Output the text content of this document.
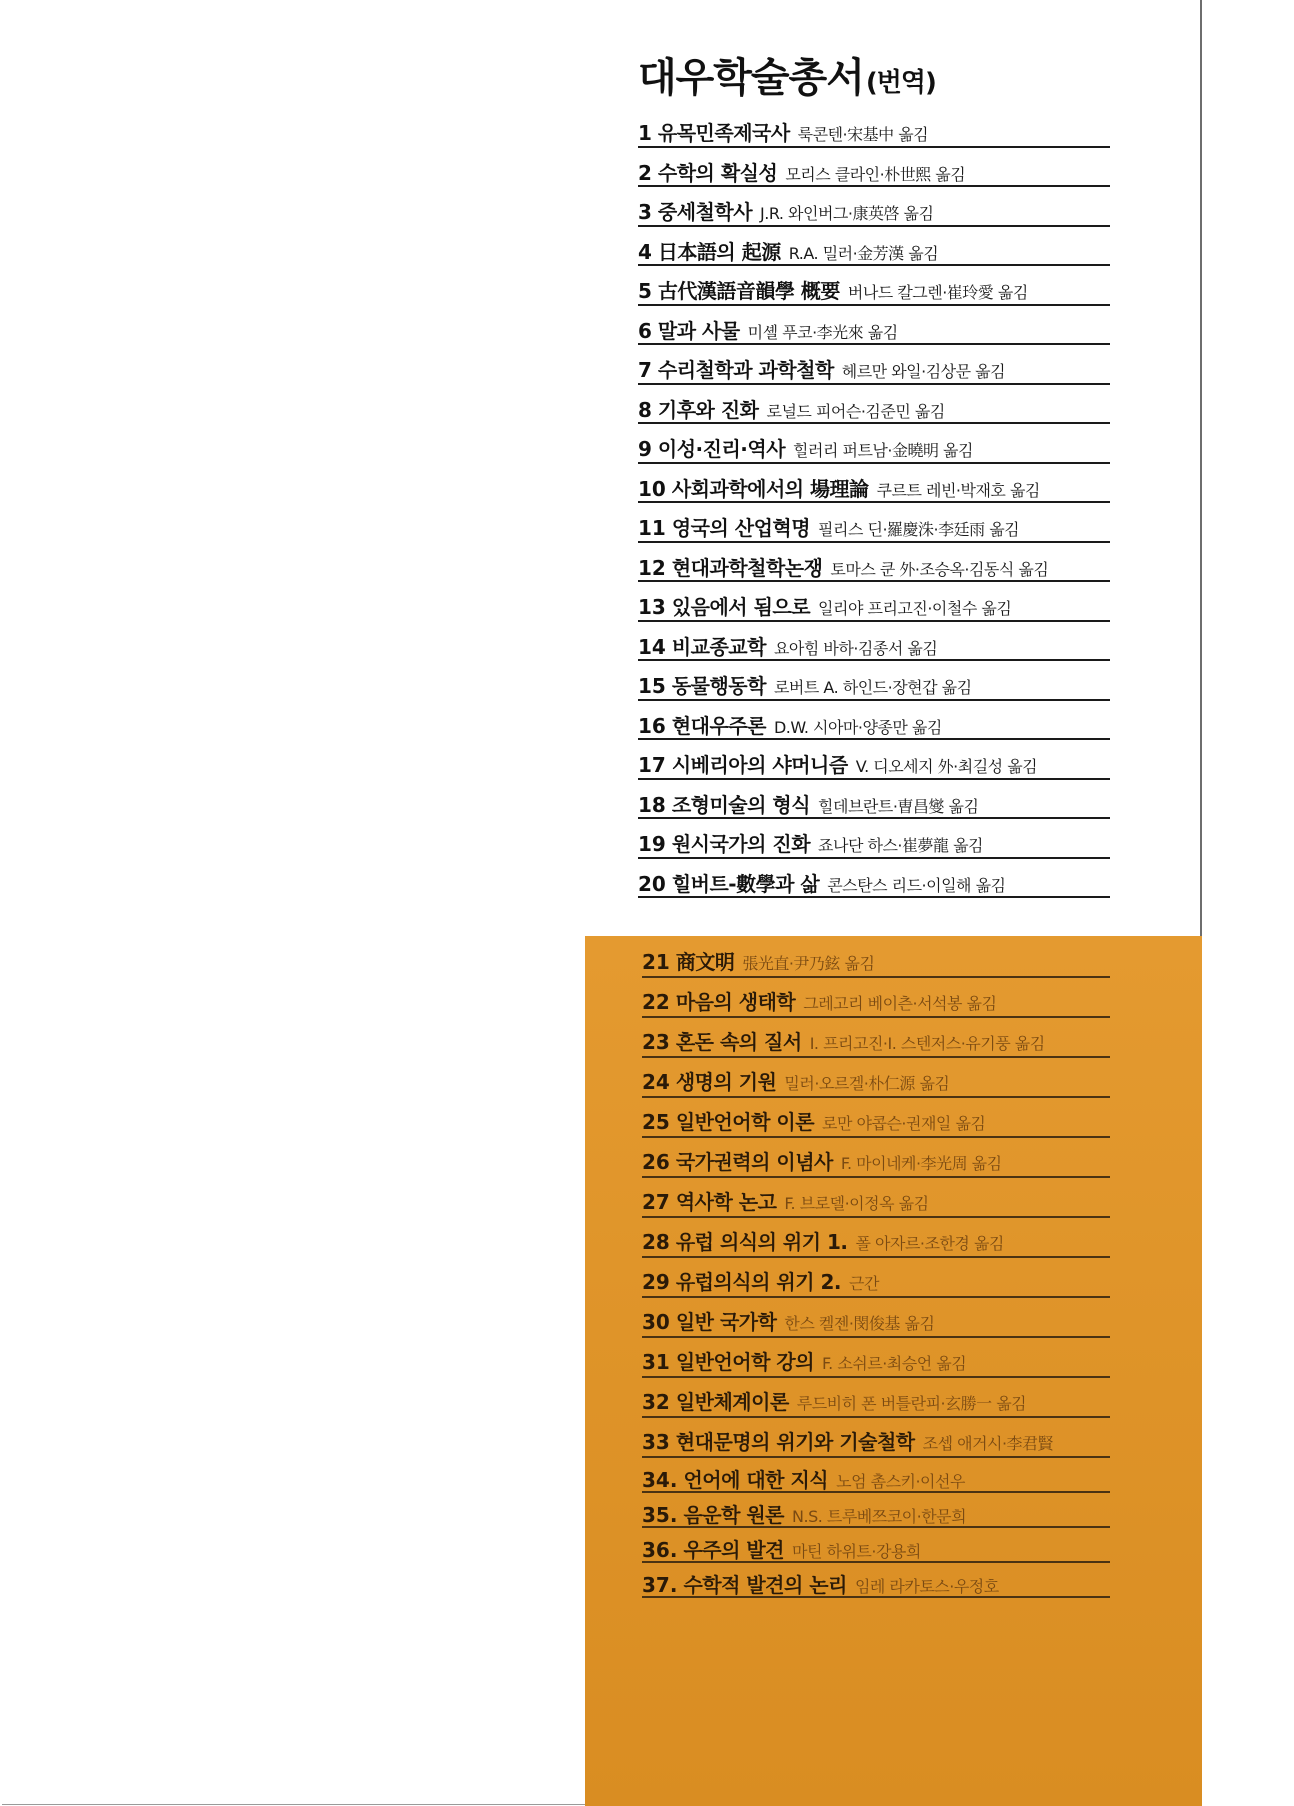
대우학술총서(번역)
1 유목민족제국사 룩콘텐·宋基中 옮김
2 수학의 확실성 모리스 클라인·朴世熙 옮김
3 중세철학사 J.R. 와인버그·康英啓 옮김
4 日本語의 起源 R.A. 밀러·金芳漢 옮김
5 古代漢語音韻學 概要 버나드 칼그렌·崔玲愛 옮김
6 말과 사물 미셸 푸코·李光來 옮김
7 수리철학과 과학철학 헤르만 와일·김상문 옮김
8 기후와 진화 로널드 피어슨·김준민 옮김
9 이성·진리·역사 힐러리 퍼트남·金曉明 옮김
10 사회과학에서의 場理論 쿠르트 레빈·박재호 옮김
11 영국의 산업혁명 필리스 딘·羅慶洙·李廷雨 옮김
12 현대과학철학논쟁 토마스 쿤 外·조승옥·김동식 옮김
13 있음에서 됨으로 일리야 프리고진·이철수 옮김
14 비교종교학 요아힘 바하·김종서 옮김
15 동물행동학 로버트 A. 하인드·장현갑 옮김
16 현대우주론 D.W. 시아마·양종만 옮김
17 시베리아의 샤머니즘 V. 디오세지 外·최길성 옮김
18 조형미술의 형식 힐데브란트·曺昌燮 옮김
19 원시국가의 진화 죠나단 하스·崔夢龍 옮김
20 힐버트-數學과 삶 콘스탄스 리드·이일해 옮김
21 商文明 張光直·尹乃鉉 옮김
22 마음의 생태학 그레고리 베이츤·서석봉 옮김
23 혼돈 속의 질서 I. 프리고진·I. 스텐저스·유기풍 옮김
24 생명의 기원 밀러·오르겔·朴仁源 옮김
25 일반언어학 이론 로만 야콥슨·권재일 옮김
26 국가권력의 이념사 F. 마이네케·李光周 옮김
27 역사학 논고 F. 브로델·이정옥 옮김
28 유럽 의식의 위기 1. 폴 아자르·조한경 옮김
29 유럽의식의 위기 2. 근간
30 일반 국가학 한스 켈젠·閔俊基 옮김
31 일반언어학 강의 F. 소쉬르·최승언 옮김
32 일반체계이론 루드비히 폰 버틀란피·玄勝一 옮김
33 현대문명의 위기와 기술철학 조셉 애거시·李君賢
34. 언어에 대한 지식 노엄 촘스키·이선우
35. 음운학 원론 N.S. 트루베쯔코이·한문희
36. 우주의 발견 마틴 하위트·강용희
37. 수학적 발견의 논리 임레 라카토스·우정호
